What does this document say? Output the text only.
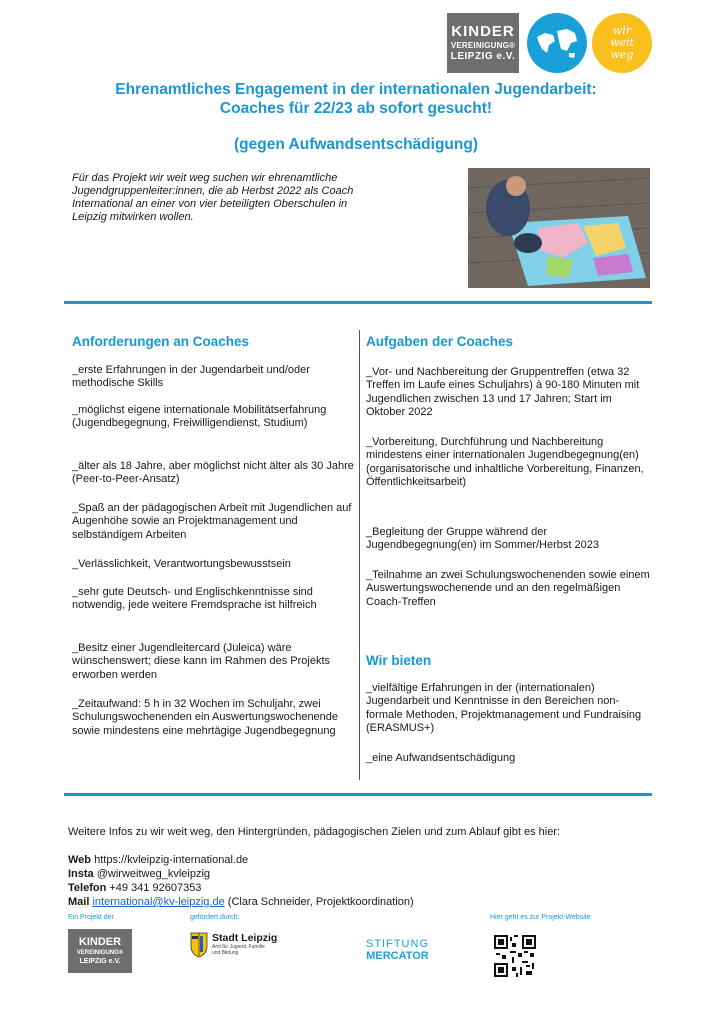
KINDER
VEREINIGUNG®
LEIPZIG e.V.
wir weit weg
Ehrenamtliches Engagement in der internationalen Jugendarbeit:
Coaches für 22/23 ab sofort gesucht!
(gegen Aufwandsentschädigung)
Für das Projekt wir weit weg suchen wir ehrenamtliche Jugendgruppenleiter:innen, die ab Herbst 2022 als Coach International an einer von vier beteiligten Oberschulen in Leipzig mitwirken wollen.
Anforderungen an Coaches
_erste Erfahrungen in der Jugendarbeit und/oder methodische Skills
_möglichst eigene internationale Mobilitätserfahrung (Jugendbegegnung, Freiwilligendienst, Studium)
_älter als 18 Jahre, aber möglichst nicht älter als 30 Jahre (Peer-to-Peer-Ansatz)
_Spaß an der pädagogischen Arbeit mit Jugendlichen auf Augenhöhe sowie an Projektmanagement und selbständigem Arbeiten
_Verlässlichkeit, Verantwortungsbewusstsein
_sehr gute Deutsch- und Englischkenntnisse sind notwendig, jede weitere Fremdsprache ist hilfreich
_Besitz einer Jugendleitercard (Juleica) wäre wünschenswert; diese kann im Rahmen des Projekts erworben werden
_Zeitaufwand: 5 h in 32 Wochen im Schuljahr, zwei Schulungswochenenden ein Auswertungswochenende sowie mindestens eine mehrtägige Jugendbegegnung
Aufgaben der Coaches
_Vor- und Nachbereitung der Gruppentreffen (etwa 32 Treffen im Laufe eines Schuljahrs) à 90-180 Minuten mit Jugendlichen zwischen 13 und 17 Jahren; Start im Oktober 2022
_Vorbereitung, Durchführung und Nachbereitung mindestens einer internationalen Jugendbegegnung(en) (organisatorische und inhaltliche Vorbereitung, Finanzen, Öffentlichkeitsarbeit)
_Begleitung der Gruppe während der Jugendbegegnung(en) im Sommer/Herbst 2023
_Teilnahme an zwei Schulungswochenenden sowie einem Auswertungswochenende und an den regelmäßigen Coach-Treffen
Wir bieten
_vielfältige Erfahrungen in der (internationalen) Jugendarbeit und Kenntnisse in den Bereichen non-formale Methoden, Projektmanagement und Fundraising (ERASMUS+)
_eine Aufwandsentschädigung
Weitere Infos zu wir weit weg, den Hintergründen, pädagogischen Zielen und zum Ablauf gibt es hier:
Web https://kvleipzig-international.de
Insta @wirweitweg_kvleipzig
Telefon +49 341 92607353
Mail international@kv-leipzig.de (Clara Schneider, Projektkoordination)
Ein Projekt der	gefördert durch:	Hier geht es zur Projekt-Website
KINDER
VEREINIGUNG®
LEIPZIG e.V.
Stadt Leipzig
Amt für Jugend, Familie
und Bildung
STIFTUNG
MERCATOR
